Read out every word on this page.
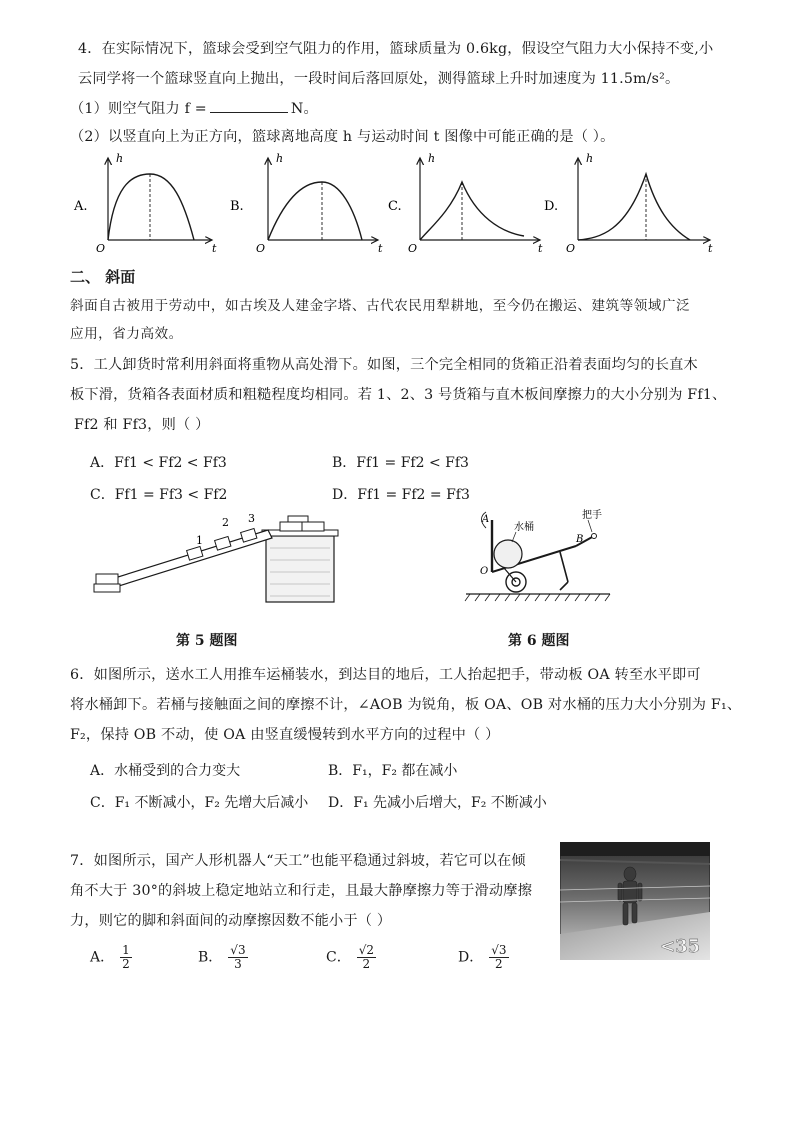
4．在实际情况下，篮球会受到空气阻力的作用，篮球质量为 0.6kg，假设空气阻力大小保持不变,小
云同学将一个篮球竖直向上抛出，一段时间后落回原处，测得篮球上升时加速度为 11.5m/s²。
（1）则空气阻力 f =	N。
（2）以竖直向上为正方向，篮球离地高度 h 与运动时间 t 图像中可能正确的是（ ）。
A.
h
O	t
B.
h
O	t
C.
h
O	t
D.
h
O	t
二、 斜面
斜面自古被用于劳动中，如古埃及人建金字塔、古代农民用犁耕地，至今仍在搬运、建筑等领域广泛
应用，省力高效。
5．工人卸货时常利用斜面将重物从高处滑下。如图，三个完全相同的货箱正沿着表面均匀的长直木
板下滑，货箱各表面材质和粗糙程度均相同。若 1、2、3 号货箱与直木板间摩擦力的大小分别为 Ff1、
Ff2 和 Ff3，则（ ）
A．Ff1 < Ff2 < Ff3	B．Ff1 = Ff2 < Ff3
C．Ff1 = Ff3 < Ff2	D．Ff1 = Ff2 = Ff3
1
2 3
第 5 题图
A
O
B
水桶
把手
第 6 题图
6．如图所示，送水工人用推车运桶装水，到达目的地后，工人抬起把手，带动板 OA 转至水平即可
将水桶卸下。若桶与接触面之间的摩擦不计，∠AOB 为锐角，板 OA、OB 对水桶的压力大小分别为 F₁、
F₂，保持 OB 不动，使 OA 由竖直缓慢转到水平方向的过程中（ ）
A．水桶受到的合力变大	B．F₁，F₂ 都在减小
C．F₁ 不断减小，F₂ 先增大后减小 D．F₁ 先减小后增大，F₂ 不断减小
7．如图所示，国产人形机器人“天工”也能平稳通过斜坡，若它可以在倾
角不大于 30°的斜坡上稳定地站立和行走，且最大静摩擦力等于滑动摩擦
力，则它的脚和斜面间的动摩擦因数不能小于（ ）
A． $\frac{1}{2}$	B． $\frac{√3}{3}$	C． $\frac{√2}{2}$	D． $\frac{√3}{2}$	<35
